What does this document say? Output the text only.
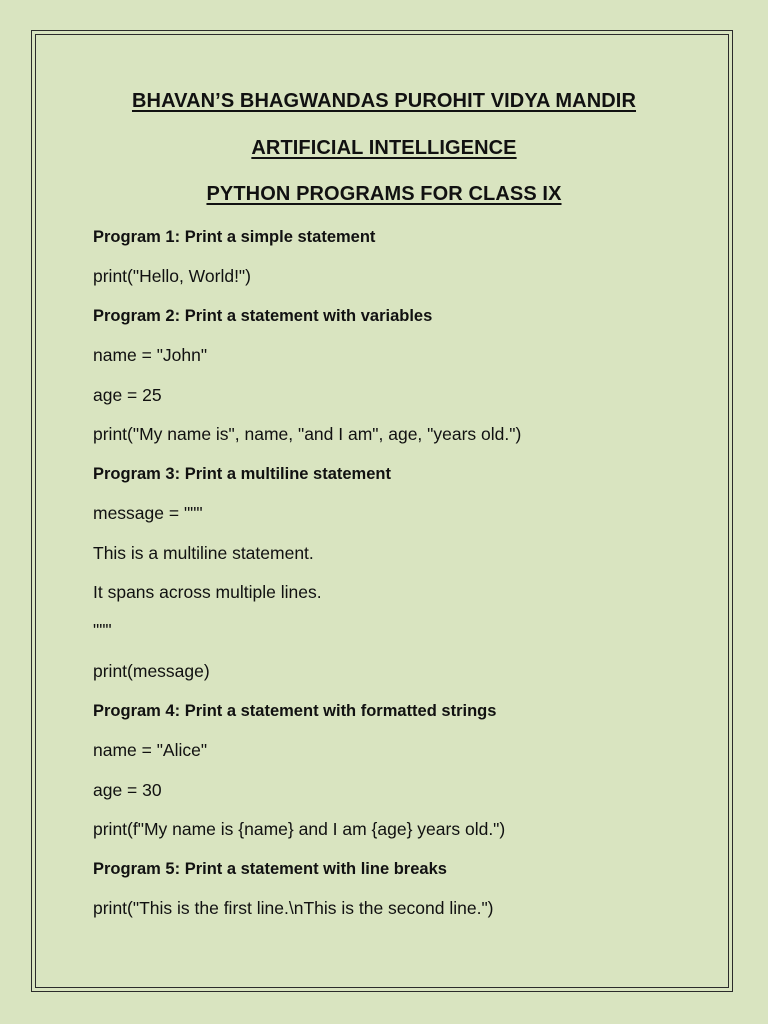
BHAVAN’S BHAGWANDAS PUROHIT VIDYA MANDIR
ARTIFICIAL INTELLIGENCE
PYTHON PROGRAMS FOR CLASS IX
Program 1: Print a simple statement
print("Hello, World!")
Program 2: Print a statement with variables
name = "John"
age = 25
print("My name is", name, "and I am", age, "years old.")
Program 3: Print a multiline statement
message = """
This is a multiline statement.
It spans across multiple lines.
"""
print(message)
Program 4: Print a statement with formatted strings
name = "Alice"
age = 30
print(f"My name is {name} and I am {age} years old.")
Program 5: Print a statement with line breaks
print("This is the first line.\nThis is the second line.")
